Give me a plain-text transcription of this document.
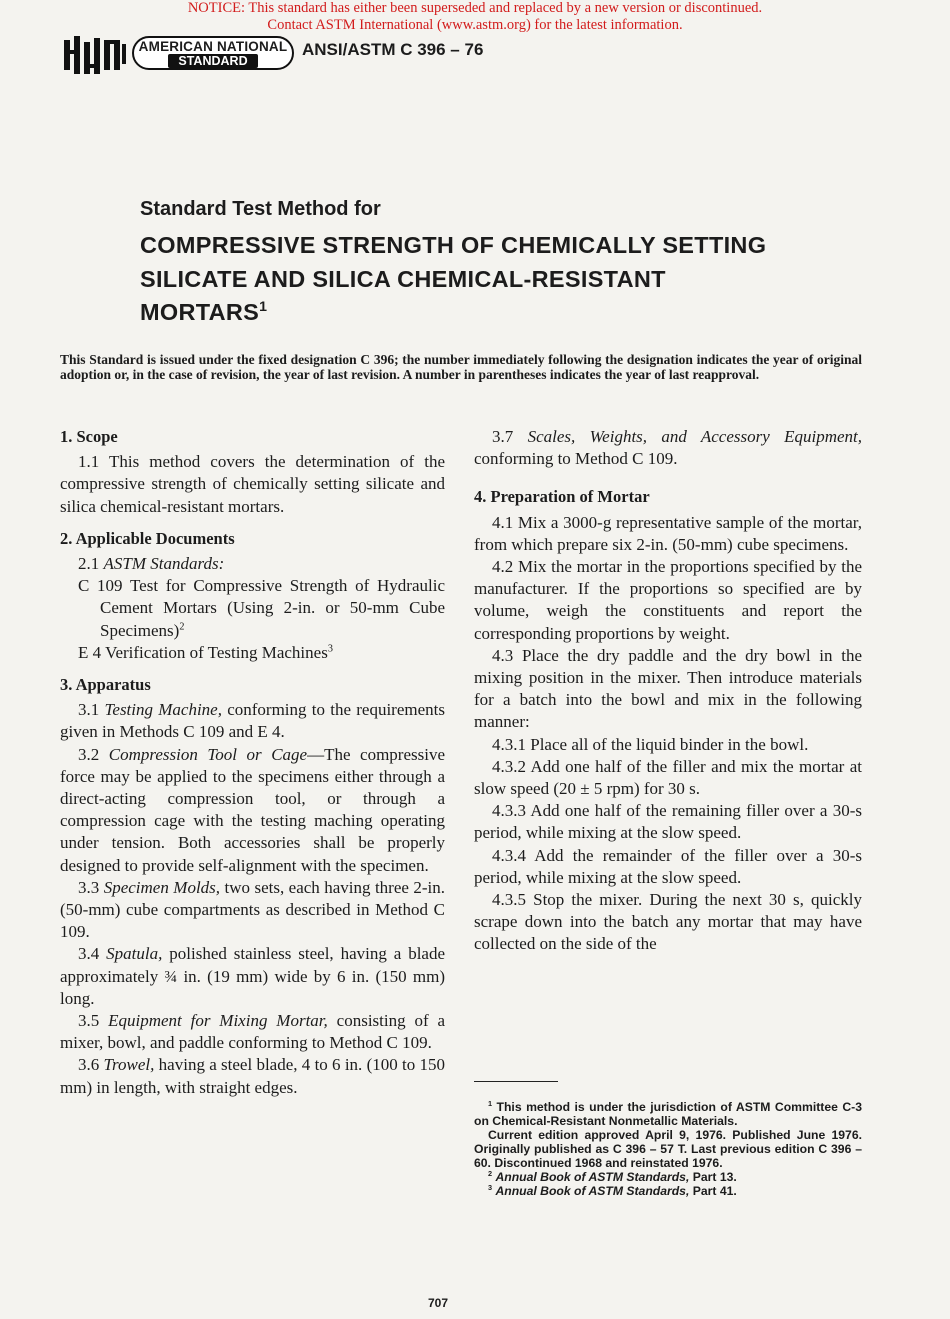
NOTICE: This standard has either been superseded and replaced by a new version or discontinued.
Contact ASTM International (www.astm.org) for the latest information.
AMERICAN NATIONAL
STANDARD
ANSI/ASTM C 396 – 76
Standard Test Method for
COMPRESSIVE STRENGTH OF CHEMICALLY SETTING
SILICATE AND SILICA CHEMICAL-RESISTANT
MORTARS$^1$
This Standard is issued under the fixed designation C 396; the number immediately following the designation indicates the year of original adoption or, in the case of revision, the year of last revision. A number in parentheses indicates the year of last reapproval.
1. Scope

1.1 This method covers the determination of the compressive strength of chemically setting silicate and silica chemical-resistant mortars.

2. Applicable Documents

2.1 ASTM Standards:

C 109 Test for Compressive Strength of Hydraulic Cement Mortars (Using 2-in. or 50-mm Cube Specimens)$^2$

E 4 Verification of Testing Machines$^3$

3. Apparatus

3.1 Testing Machine, conforming to the requirements given in Methods C 109 and E 4.

3.2 Compression Tool or Cage—The compressive force may be applied to the specimens either through a direct-acting compression tool, or through a compression cage with the testing maching operating under tension. Both accessories shall be properly designed to provide self-alignment with the specimen.

3.3 Specimen Molds, two sets, each having three 2-in. (50-mm) cube compartments as described in Method C 109.

3.4 Spatula, polished stainless steel, having a blade approximately ¾ in. (19 mm) wide by 6 in. (150 mm) long.

3.5 Equipment for Mixing Mortar, consisting of a mixer, bowl, and paddle conforming to Method C 109.

3.6 Trowel, having a steel blade, 4 to 6 in. (100 to 150 mm) in length, with straight edges.

3.7 Scales, Weights, and Accessory Equipment, conforming to Method C 109.

4. Preparation of Mortar

4.1 Mix a 3000-g representative sample of the mortar, from which prepare six 2-in. (50-mm) cube specimens.

4.2 Mix the mortar in the proportions specified by the manufacturer. If the proportions so specified are by volume, weigh the constituents and report the corresponding proportions by weight.

4.3 Place the dry paddle and the dry bowl in the mixing position in the mixer. Then introduce materials for a batch into the bowl and mix in the following manner:

4.3.1 Place all of the liquid binder in the bowl.

4.3.2 Add one half of the filler and mix the mortar at slow speed (20 ± 5 rpm) for 30 s.

4.3.3 Add one half of the remaining filler over a 30-s period, while mixing at the slow speed.

4.3.4 Add the remainder of the filler over a 30-s period, while mixing at the slow speed.

4.3.5 Stop the mixer. During the next 30 s, quickly scrape down into the batch any mortar that may have collected on the side of the

$^1$ This method is under the jurisdiction of ASTM Committee C-3 on Chemical-Resistant Nonmetallic Materials.

Current edition approved April 9, 1976. Published June 1976. Originally published as C 396 – 57 T. Last previous edition C 396 – 60. Discontinued 1968 and reinstated 1976.

$^2$ Annual Book of ASTM Standards, Part 13.

$^3$ Annual Book of ASTM Standards, Part 41.

707
